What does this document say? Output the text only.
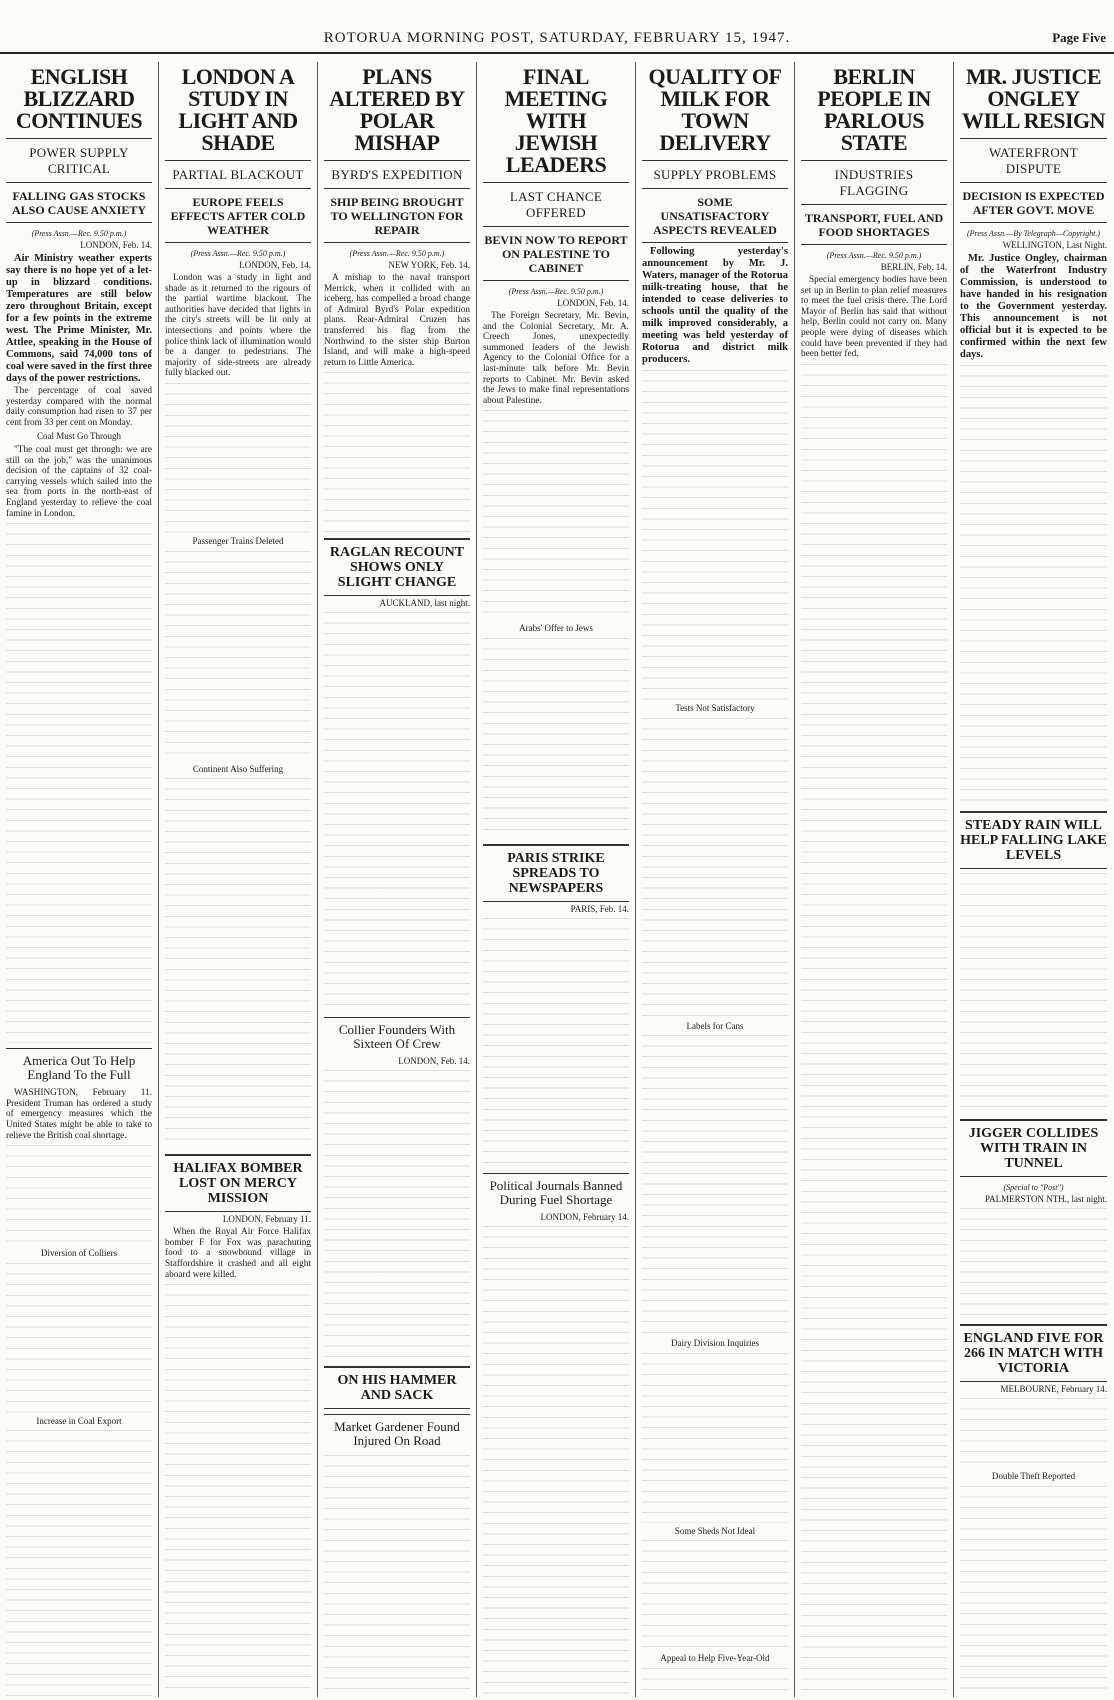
ROTORUA MORNING POST, SATURDAY, FEBRUARY 15, 1947.	Page Five
ENGLISH BLIZZARD CONTINUES
POWER SUPPLY CRITICAL
FALLING GAS STOCKS ALSO CAUSE ANXIETY
(Press Assn.—Rec. 9.50 p.m.)
LONDON, Feb. 14.

Air Ministry weather experts say there is no hope yet of a let-up in blizzard conditions. Temperatures are still below zero throughout Britain, except for a few points in the extreme west. The Prime Minister, Mr. Attlee, speaking in the House of Commons, said 74,000 tons of coal were saved in the first three days of the power restrictions.

The percentage of coal saved yesterday compared with the normal daily consumption had risen to 37 per cent from 33 per cent on Monday.

Coal Must Go Through

"The coal must get through: we are still on the job," was the unanimous decision of the captains of 32 coal-carrying vessels which sailed into the sea from ports in the north-east of England yesterday to relieve the coal famine in London.

America Out To Help England To the Full

WASHINGTON, February 11. President Truman has ordered a study of emergency measures which the United States might be able to take to relieve the British coal shortage.

Diversion of Colliers
Increase in Coal Export
LONDON A STUDY IN LIGHT AND SHADE
PARTIAL BLACKOUT
EUROPE FEELS EFFECTS AFTER COLD WEATHER
(Press Assn.—Rec. 9.50 p.m.)
LONDON, Feb. 14.

London was a study in light and shade as it returned to the rigours of the partial wartime blackout. The authorities have decided that lights in the city's streets will be lit only at intersections and points where the police think lack of illumination would be a danger to pedestrians. The majority of side-streets are already fully blacked out.

Passenger Trains Deleted
Continent Also Suffering
HALIFAX BOMBER LOST ON MERCY MISSION
LONDON, February 11.

When the Royal Air Force Halifax bomber F for Fox was parachuting food to a snowbound village in Staffordshire it crashed and all eight aboard were killed.

PLANS ALTERED BY POLAR MISHAP
BYRD'S EXPEDITION
SHIP BEING BROUGHT TO WELLINGTON FOR REPAIR
(Press Assn.—Rec. 9.50 p.m.)
NEW YORK, Feb. 14.

A mishap to the naval transport Merrick, when it collided with an iceberg, has compelled a broad change of Admiral Byrd's Polar expedition plans. Rear-Admiral Cruzen has transferred his flag from the Northwind to the sister ship Burton Island, and will make a high-speed return to Little America.

RAGLAN RECOUNT SHOWS ONLY SLIGHT CHANGE
AUCKLAND, last night.
Collier Founders With Sixteen Of Crew
LONDON, Feb. 14.
ON HIS HAMMER AND SACK
Market Gardener Found Injured On Road
FINAL MEETING WITH JEWISH LEADERS
LAST CHANCE OFFERED
BEVIN NOW TO REPORT ON PALESTINE TO CABINET
(Press Assn.—Rec. 9.50 p.m.)
LONDON, Feb. 14.

The Foreign Secretary, Mr. Bevin, and the Colonial Secretary, Mr. A. Creech Jones, unexpectedly summoned leaders of the Jewish Agency to the Colonial Office for a last-minute talk before Mr. Bevin reports to Cabinet. Mr. Bevin asked the Jews to make final representations about Palestine.

Arabs' Offer to Jews
PARIS STRIKE SPREADS TO NEWSPAPERS
PARIS, Feb. 14.
Political Journals Banned During Fuel Shortage
LONDON, February 14.
QUALITY OF MILK FOR TOWN DELIVERY
SUPPLY PROBLEMS
SOME UNSATISFACTORY ASPECTS REVEALED

Following yesterday's announcement by Mr. J. Waters, manager of the Rotorua milk-treating house, that he intended to cease deliveries to schools until the quality of the milk improved considerably, a meeting was held yesterday of Rotorua and district milk producers.

Tests Not Satisfactory
Labels for Cans
Dairy Division Inquiries
Some Sheds Not Ideal
Appeal to Help Five-Year-Old
BERLIN PEOPLE IN PARLOUS STATE
INDUSTRIES FLAGGING
TRANSPORT, FUEL AND FOOD SHORTAGES
(Press Assn.—Rec. 9.50 p.m.)
BERLIN, Feb. 14.

Special emergency bodies have been set up in Berlin to plan relief measures to meet the fuel crisis there. The Lord Mayor of Berlin has said that without help, Berlin could not carry on. Many people were dying of diseases which could have been prevented if they had been better fed.

MR. JUSTICE ONGLEY WILL RESIGN
WATERFRONT DISPUTE
DECISION IS EXPECTED AFTER GOVT. MOVE
(Press Assn.—By Telegraph—Copyright.)
WELLINGTON, Last Night.

Mr. Justice Ongley, chairman of the Waterfront Industry Commission, is understood to have handed in his resignation to the Government yesterday. This announcement is not official but it is expected to be confirmed within the next few days.

STEADY RAIN WILL HELP FALLING LAKE LEVELS
JIGGER COLLIDES WITH TRAIN IN TUNNEL
(Special to "Post")
PALMERSTON NTH., last night.
ENGLAND FIVE FOR 266 IN MATCH WITH VICTORIA
MELBOURNE, February 14.
Double Theft Reported
